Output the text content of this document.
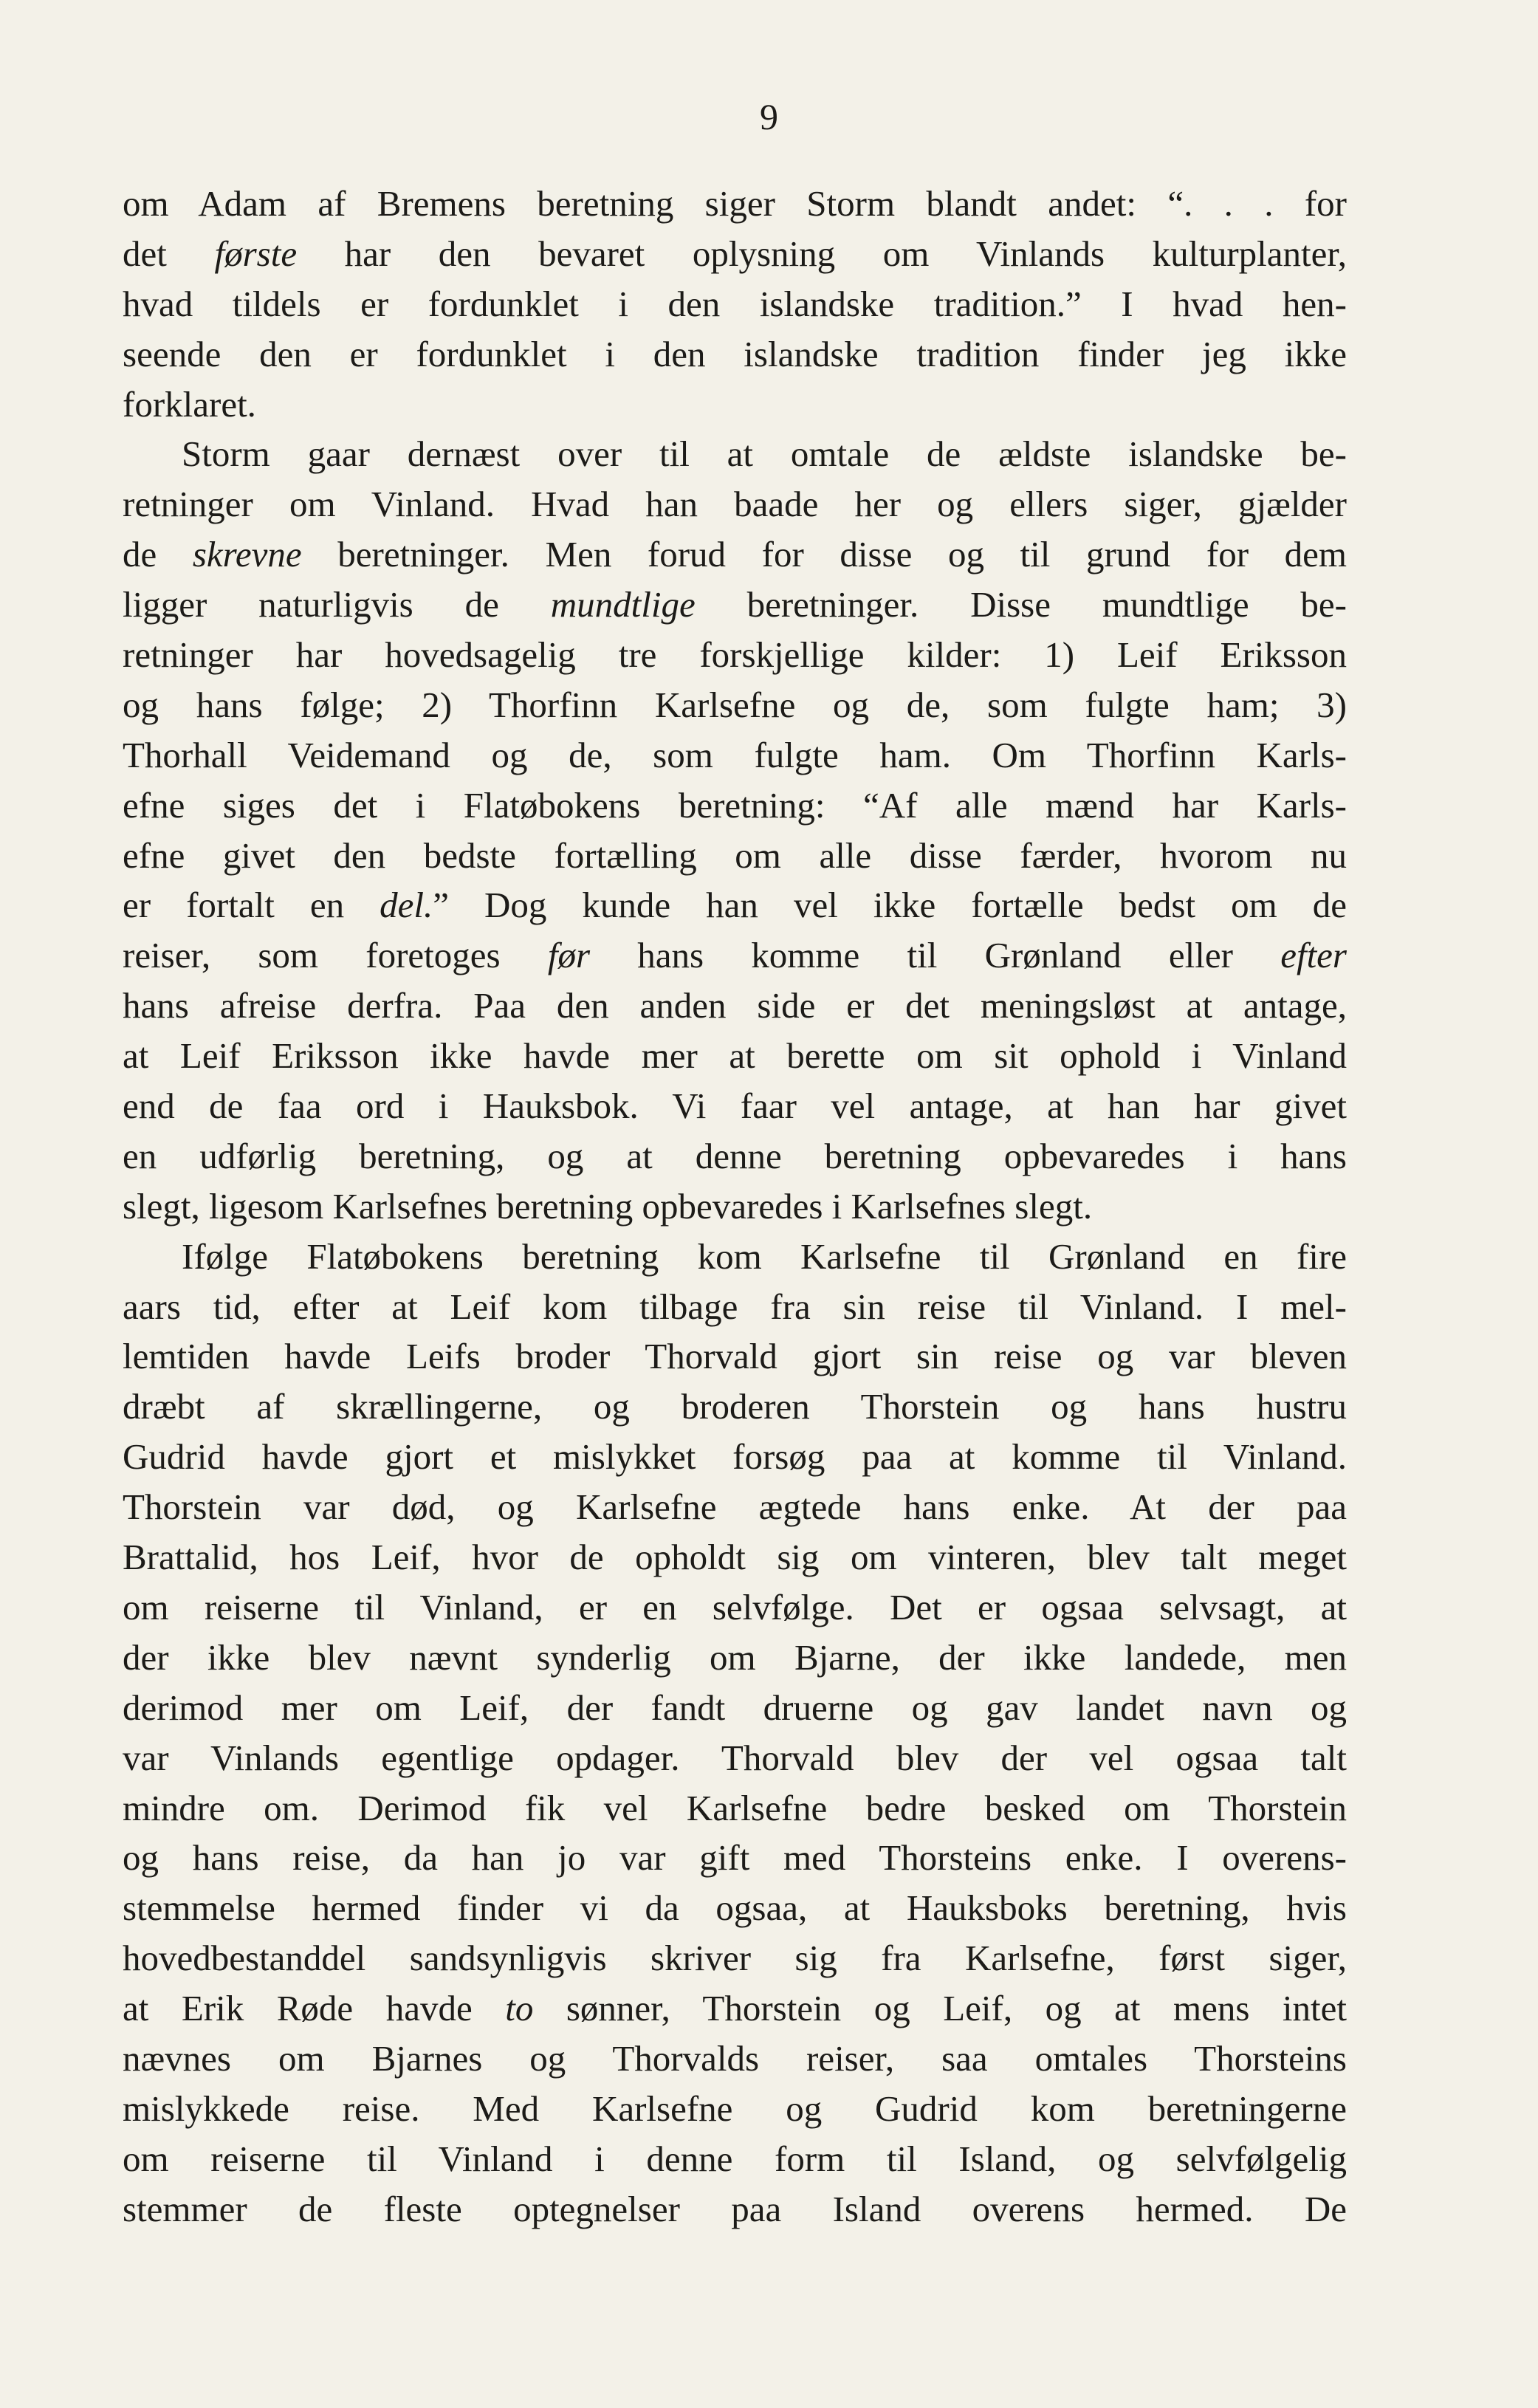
9
om Adam af Bremens beretning siger Storm blandt andet: “. . . for
det første har den bevaret oplysning om Vinlands kulturplanter,
hvad tildels er fordunklet i den islandske tradition.” I hvad hen-
seende den er fordunklet i den islandske tradition finder jeg ikke
forklaret.
Storm gaar dernæst over til at omtale de ældste islandske be-
retninger om Vinland. Hvad han baade her og ellers siger, gjælder
de skrevne beretninger. Men forud for disse og til grund for dem
ligger naturligvis de mundtlige beretninger. Disse mundtlige be-
retninger har hovedsagelig tre forskjellige kilder: 1) Leif Eriksson
og hans følge; 2) Thorfinn Karlsefne og de, som fulgte ham; 3)
Thorhall Veidemand og de, som fulgte ham. Om Thorfinn Karls-
efne siges det i Flatøbokens beretning: “Af alle mænd har Karls-
efne givet den bedste fortælling om alle disse færder, hvorom nu
er fortalt en del.” Dog kunde han vel ikke fortælle bedst om de
reiser, som foretoges før hans komme til Grønland eller efter
hans afreise derfra. Paa den anden side er det meningsløst at antage,
at Leif Eriksson ikke havde mer at berette om sit ophold i Vinland
end de faa ord i Hauksbok. Vi faar vel antage, at han har givet
en udførlig beretning, og at denne beretning opbevaredes i hans
slegt, ligesom Karlsefnes beretning opbevaredes i Karlsefnes slegt.
Ifølge Flatøbokens beretning kom Karlsefne til Grønland en fire
aars tid, efter at Leif kom tilbage fra sin reise til Vinland. I mel-
lemtiden havde Leifs broder Thorvald gjort sin reise og var bleven
dræbt af skrællingerne, og broderen Thorstein og hans hustru
Gudrid havde gjort et mislykket forsøg paa at komme til Vinland.
Thorstein var død, og Karlsefne ægtede hans enke. At der paa
Brattalid, hos Leif, hvor de opholdt sig om vinteren, blev talt meget
om reiserne til Vinland, er en selvfølge. Det er ogsaa selvsagt, at
der ikke blev nævnt synderlig om Bjarne, der ikke landede, men
derimod mer om Leif, der fandt druerne og gav landet navn og
var Vinlands egentlige opdager. Thorvald blev der vel ogsaa talt
mindre om. Derimod fik vel Karlsefne bedre besked om Thorstein
og hans reise, da han jo var gift med Thorsteins enke. I overens-
stemmelse hermed finder vi da ogsaa, at Hauksboks beretning, hvis
hovedbestanddel sandsynligvis skriver sig fra Karlsefne, først siger,
at Erik Røde havde to sønner, Thorstein og Leif, og at mens intet
nævnes om Bjarnes og Thorvalds reiser, saa omtales Thorsteins
mislykkede reise. Med Karlsefne og Gudrid kom beretningerne
om reiserne til Vinland i denne form til Island, og selvfølgelig
stemmer de fleste optegnelser paa Island overens hermed. De
